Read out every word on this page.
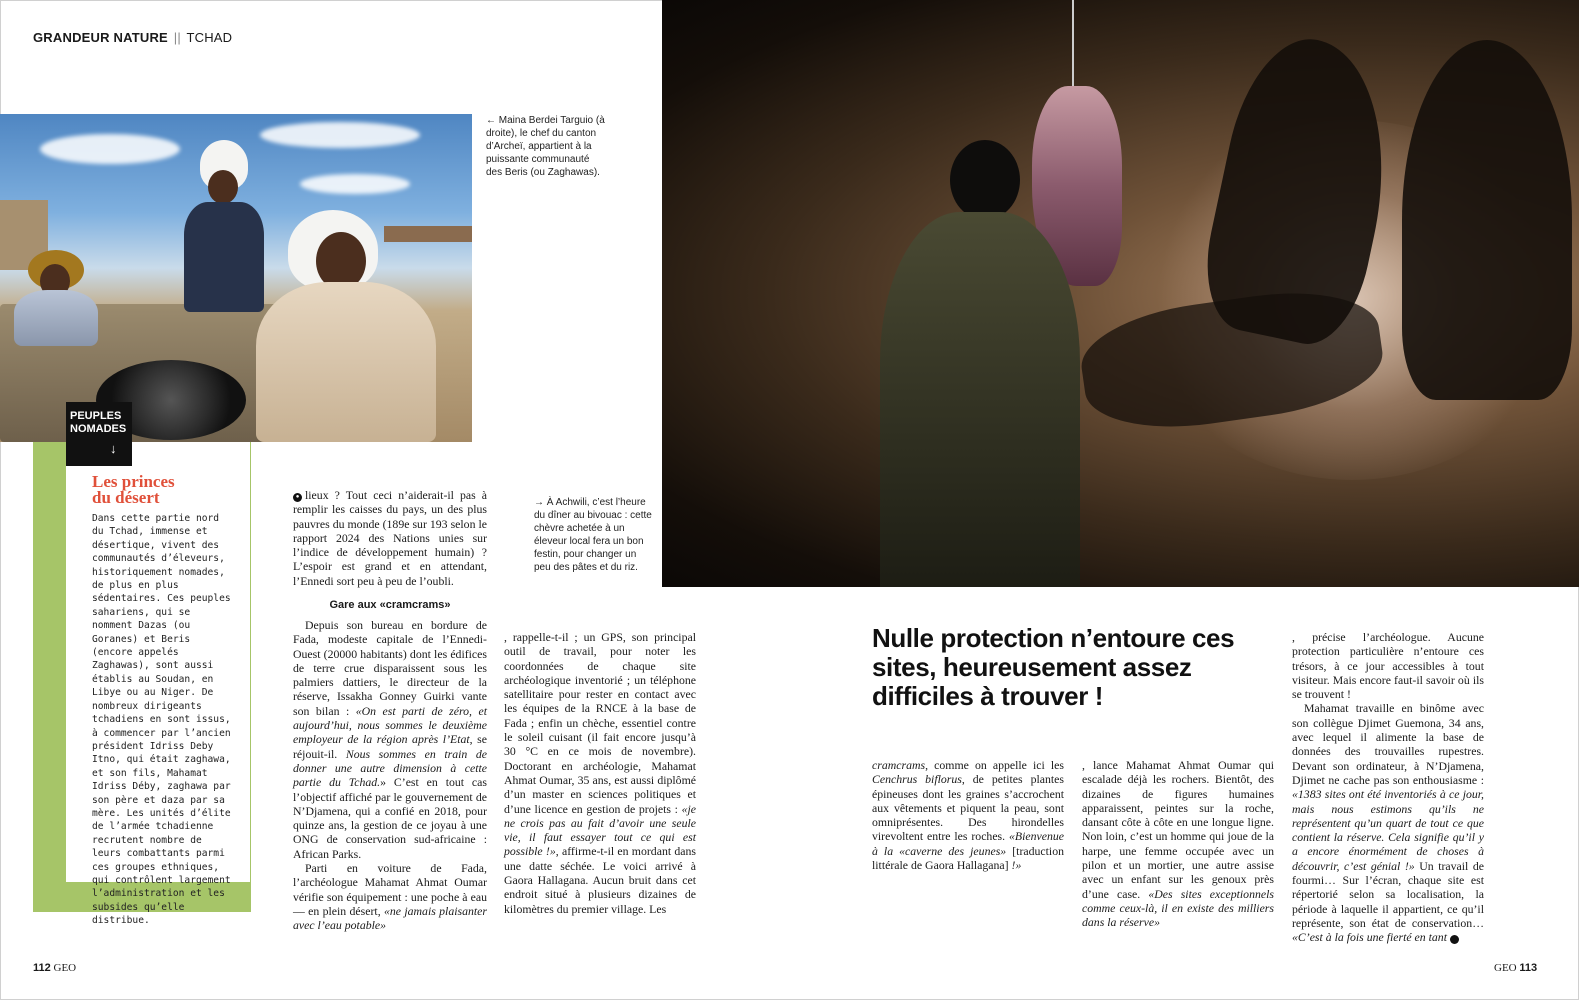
GRANDEUR NATURE || TCHAD
← Maina Berdei Targuio (à droite), le chef du canton d’Archeï, appartient à la puissante communauté des Beris (ou Zaghawas).
Les princes
du désert

Dans cette partie nord du Tchad, immense et désertique, vivent des communautés d’éleveurs, historiquement nomades, de plus en plus sédentaires. Ces peuples sahariens, qui se nomment Dazas (ou Goranes) et Beris (encore appelés Zaghawas), sont aussi établis au Soudan, en Libye ou au Niger. De nombreux dirigeants tchadiens en sont issus, à commencer par l’ancien président Idriss Deby Itno, qui était zaghawa, et son fils, Mahamat Idriss Déby, zaghawa par son père et daza par sa mère. Les unités d’élite de l’armée tchadienne recrutent nombre de leurs combattants parmi ces groupes ethniques, qui contrôlent largement l’administration et les subsides qu’elle distribue.

PEUPLES
NOMADES
↓

● lieux ? Tout ceci n’aiderait-il pas à remplir les caisses du pays, un des plus pauvres du monde (189e sur 193 selon le rapport 2024 des Nations unies sur l’indice de développement humain) ? L’espoir est grand et en attendant, l’Ennedi sort peu à peu de l’oubli.

Gare aux «cramcrams»

→ À Achwili, c’est l’heure du dîner au bivouac : cette chèvre achetée à un éleveur local fera un bon festin, pour changer un peu des pâtes et du riz.

Depuis son bureau en bordure de Fada, modeste capitale de l’Ennedi-Ouest (20000 habitants) dont les édifices de terre crue disparaissent sous les palmiers dattiers, le directeur de la réserve, Issakha Gonney Guirki vante son bilan : «On est parti de zéro, et aujourd’hui, nous sommes le deuxième employeur de la région après l’Etat, se réjouit-il. Nous sommes en train de donner une autre dimension à cette partie du Tchad.» C’est en tout cas l’objectif affiché par le gouvernement de N’Djamena, qui a confié en 2018, pour quinze ans, la gestion de ce joyau à une ONG de conservation sud-africaine : African Parks.

Parti en voiture de Fada, l’archéologue Mahamat Ahmat Oumar vérifie son équipement : une poche à eau — en plein désert, «ne jamais plaisanter avec l’eau potable»

, rappelle-t-il ; un GPS, son principal outil de travail, pour noter les coordonnées de chaque site archéologique inventorié ; un téléphone satellitaire pour rester en contact avec les équipes de la RNCE à la base de Fada ; enfin un chèche, essentiel contre le soleil cuisant (il fait encore jusqu’à 30 °C en ce mois de novembre). Doctorant en archéologie, Mahamat Ahmat Oumar, 35 ans, est aussi diplômé d’un master en sciences politiques et d’une licence en gestion de projets : «je ne crois pas au fait d’avoir une seule vie, il faut essayer tout ce qui est possible !», affirme-t-il en mordant dans une datte séchée. Le voici arrivé à Gaora Hallagana. Aucun bruit dans cet endroit situé à plusieurs dizaines de kilomètres du premier village. Les

Nulle protection n’entoure ces sites, heureusement assez difficiles à trouver !

cramcrams, comme on appelle ici les Cenchrus biflorus, de petites plantes épineuses dont les graines s’accrochent aux vêtements et piquent la peau, sont omniprésentes. Des hirondelles virevoltent entre les roches. «Bienvenue à la «caverne des jeunes» [traduction littérale de Gaora Hallagana] !»

, lance Mahamat Ahmat Oumar qui escalade déjà les rochers. Bientôt, des dizaines de figures humaines apparaissent, peintes sur la roche, dansant côte à côte en une longue ligne. Non loin, c’est un homme qui joue de la harpe, une femme occupée avec un pilon et un mortier, une autre assise avec un enfant sur les genoux près d’une case. «Des sites exceptionnels comme ceux-là, il en existe des milliers dans la réserve»

, précise l’archéologue. Aucune protection particulière n’entoure ces trésors, à ce jour accessibles à tout visiteur. Mais encore faut-il savoir où ils se trouvent !

Mahamat travaille en binôme avec son collègue Djimet Guemona, 34 ans, avec lequel il alimente la base de données des trouvailles rupestres. Devant son ordinateur, à N’Djamena, Djimet ne cache pas son enthousiasme : «1383 sites ont été inventoriés à ce jour, mais nous estimons qu’ils ne représentent qu’un quart de tout ce que contient la réserve. Cela signifie qu’il y a encore énormément de choses à découvrir, c’est génial !» Un travail de fourmi… Sur l’écran, chaque site est répertorié selon sa localisation, la période à laquelle il appartient, ce qu’il représente, son état de conservation… «C’est à la fois une fierté en tant ●

112 GEO	GEO 113
